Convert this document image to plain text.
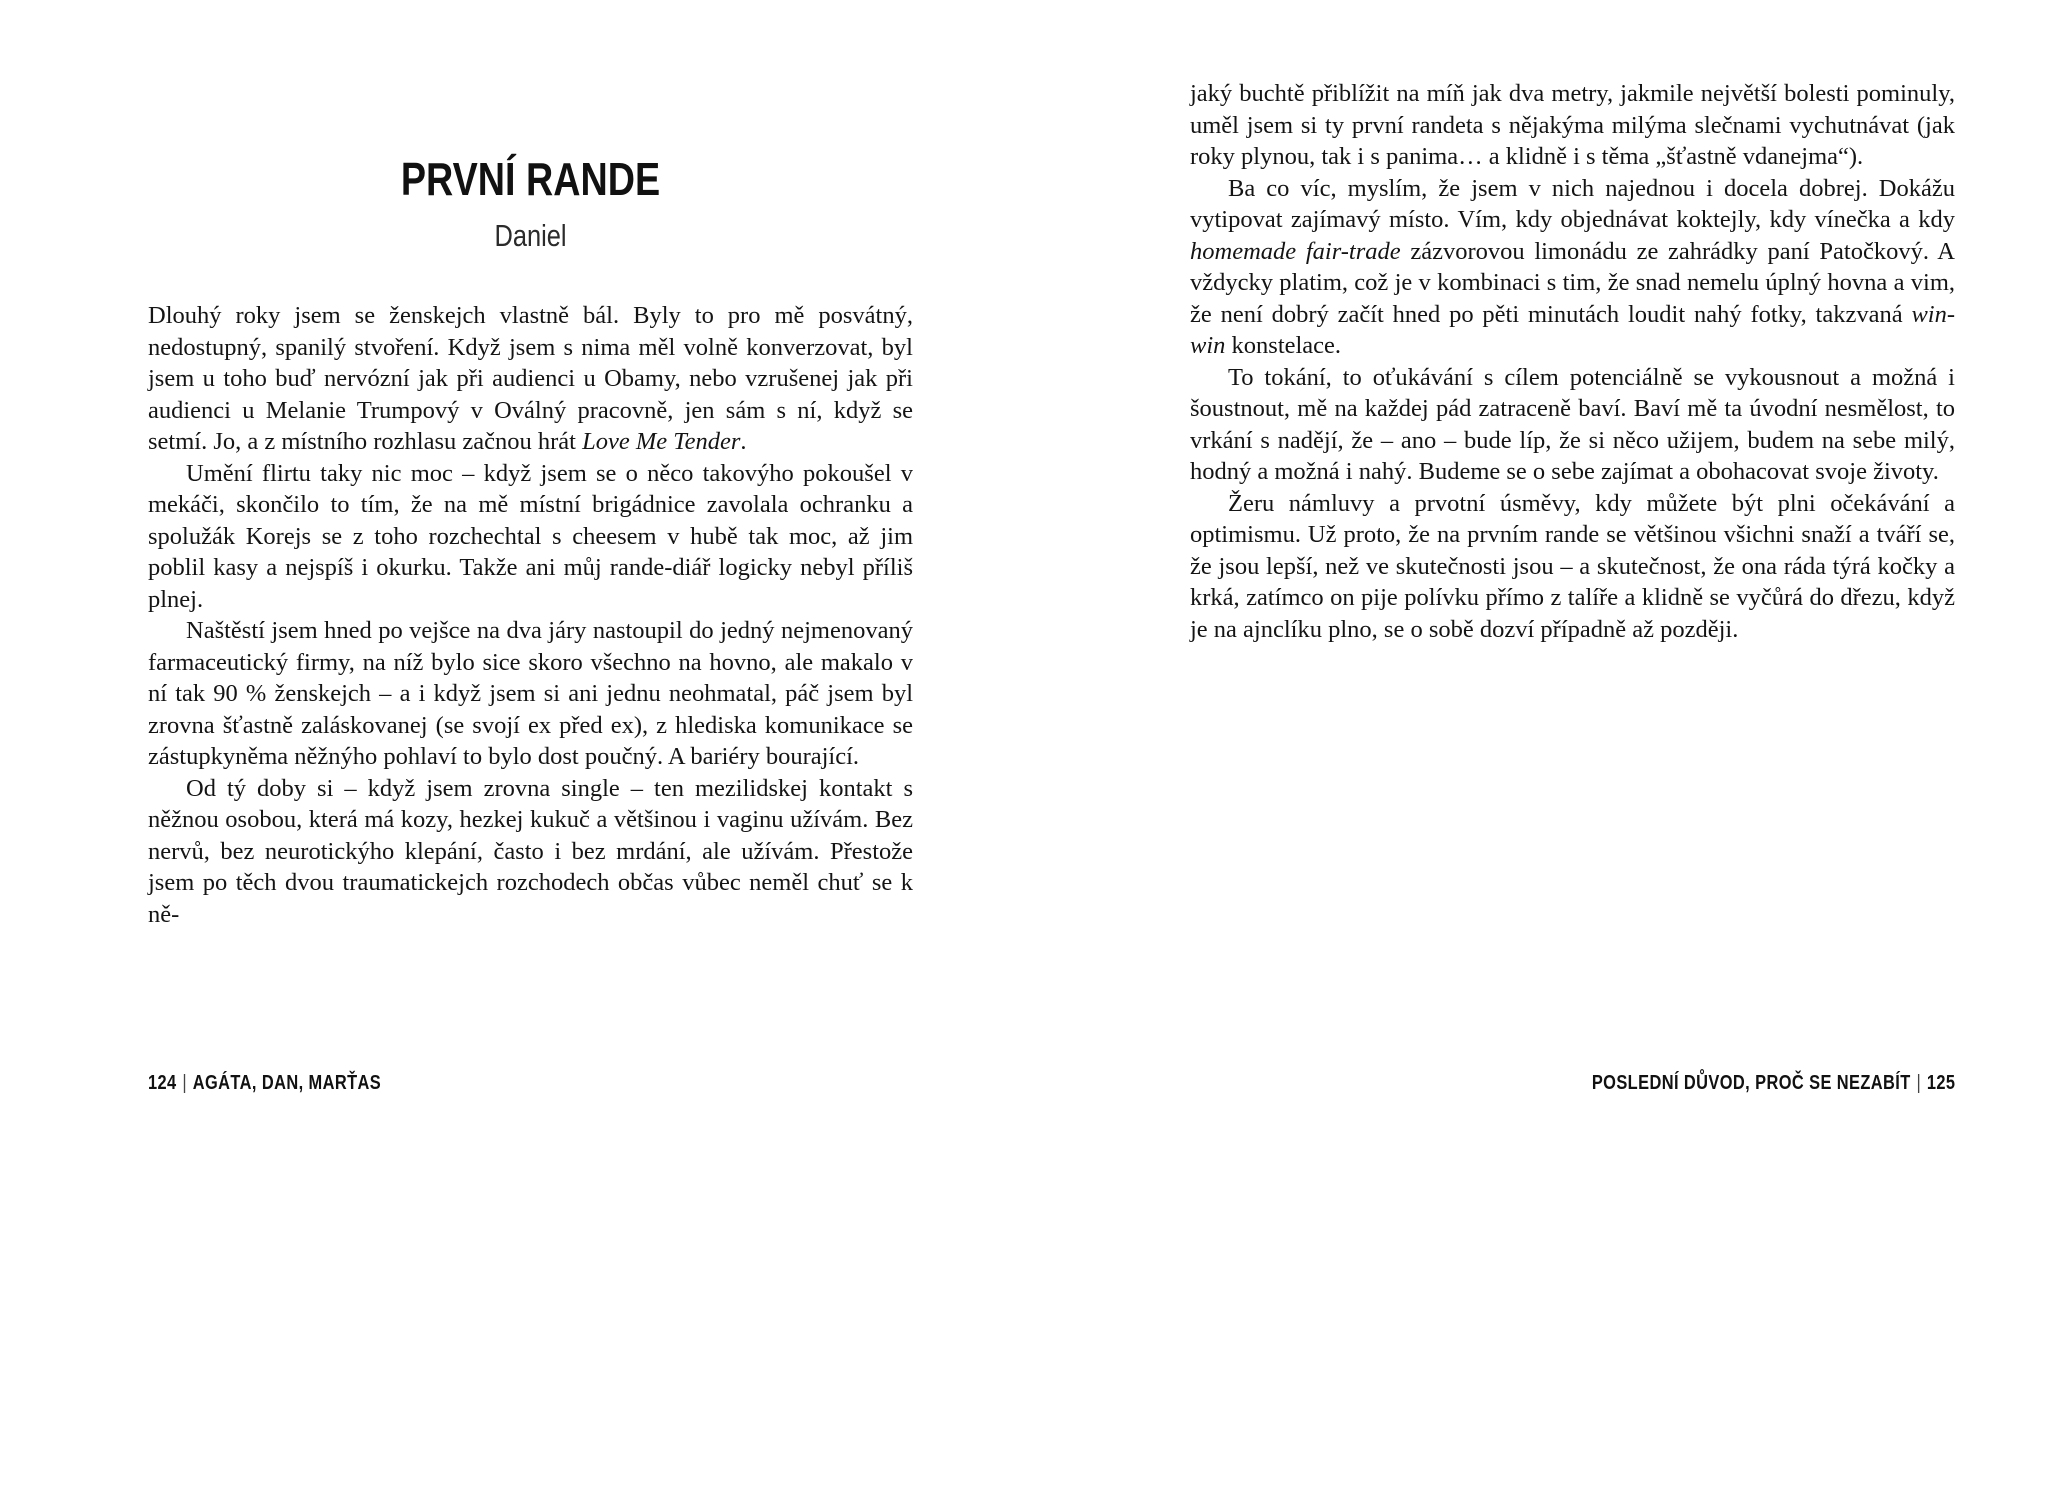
PRVNÍ RANDE
Daniel

Dlouhý roky jsem se ženskejch vlastně bál. Byly to pro mě posvátný, nedostupný, spanilý stvoření. Když jsem s nima měl volně konverzovat, byl jsem u toho buď nervózní jak při audienci u Obamy, nebo vzrušenej jak při audienci u Melanie Trumpový v Oválný pracovně, jen sám s ní, když se setmí. Jo, a z místního rozhlasu začnou hrát Love Me Tender.

Umění flirtu taky nic moc – když jsem se o něco takovýho pokoušel v mekáči, skončilo to tím, že na mě místní brigádnice zavolala ochranku a spolužák Korejs se z toho rozchechtal s cheesem v hubě tak moc, až jim poblil kasy a nejspíš i okurku. Takže ani můj rande-diář logicky nebyl příliš plnej.

Naštěstí jsem hned po vejšce na dva járy nastoupil do jedný nejmenovaný farmaceutický firmy, na níž bylo sice skoro všechno na hovno, ale makalo v ní tak 90 % ženskejch – a i když jsem si ani jednu neohmatal, páč jsem byl zrovna šťastně zaláskovanej (se svojí ex před ex), z hlediska komunikace se zástupkyněma něžnýho pohlaví to bylo dost poučný. A bariéry bourající.

Od tý doby si – když jsem zrovna single – ten mezilidskej kontakt s něžnou osobou, která má kozy, hezkej kukuč a většinou i vaginu užívám. Bez nervů, bez neurotickýho klepání, často i bez mrdání, ale užívám. Přestože jsem po těch dvou traumatickejch rozchodech občas vůbec neměl chuť se k ně-

124 | AGÁTA, DAN, MARŤAS

jaký buchtě přiblížit na míň jak dva metry, jakmile největší bolesti pominuly, uměl jsem si ty první randeta s nějakýma milýma slečnami vychutnávat (jak roky plynou, tak i s panima… a klidně i s těma „šťastně vdanejma“).

Ba co víc, myslím, že jsem v nich najednou i docela dobrej. Dokážu vytipovat zajímavý místo. Vím, kdy objednávat koktejly, kdy vínečka a kdy homemade fair-trade zázvorovou limonádu ze zahrádky paní Patočkový. A vždycky platim, což je v kombinaci s tim, že snad nemelu úplný hovna a vim, že není dobrý začít hned po pěti minutách loudit nahý fotky, takzvaná win-win konstelace.

To tokání, to oťukávání s cílem potenciálně se vykousnout a možná i šoustnout, mě na každej pád zatraceně baví. Baví mě ta úvodní nesmělost, to vrkání s nadějí, že – ano – bude líp, že si něco užijem, budem na sebe milý, hodný a možná i nahý. Budeme se o sebe zajímat a obohacovat svoje životy.

Žeru námluvy a prvotní úsměvy, kdy můžete být plni očekávání a optimismu. Už proto, že na prvním rande se většinou všichni snaží a tváří se, že jsou lepší, než ve skutečnosti jsou – a skutečnost, že ona ráda týrá kočky a krká, zatímco on pije polívku přímo z talíře a klidně se vyčůrá do dřezu, když je na ajnclíku plno, se o sobě dozví případně až později.

POSLEDNÍ DŮVOD, PROČ SE NEZABÍT | 125
